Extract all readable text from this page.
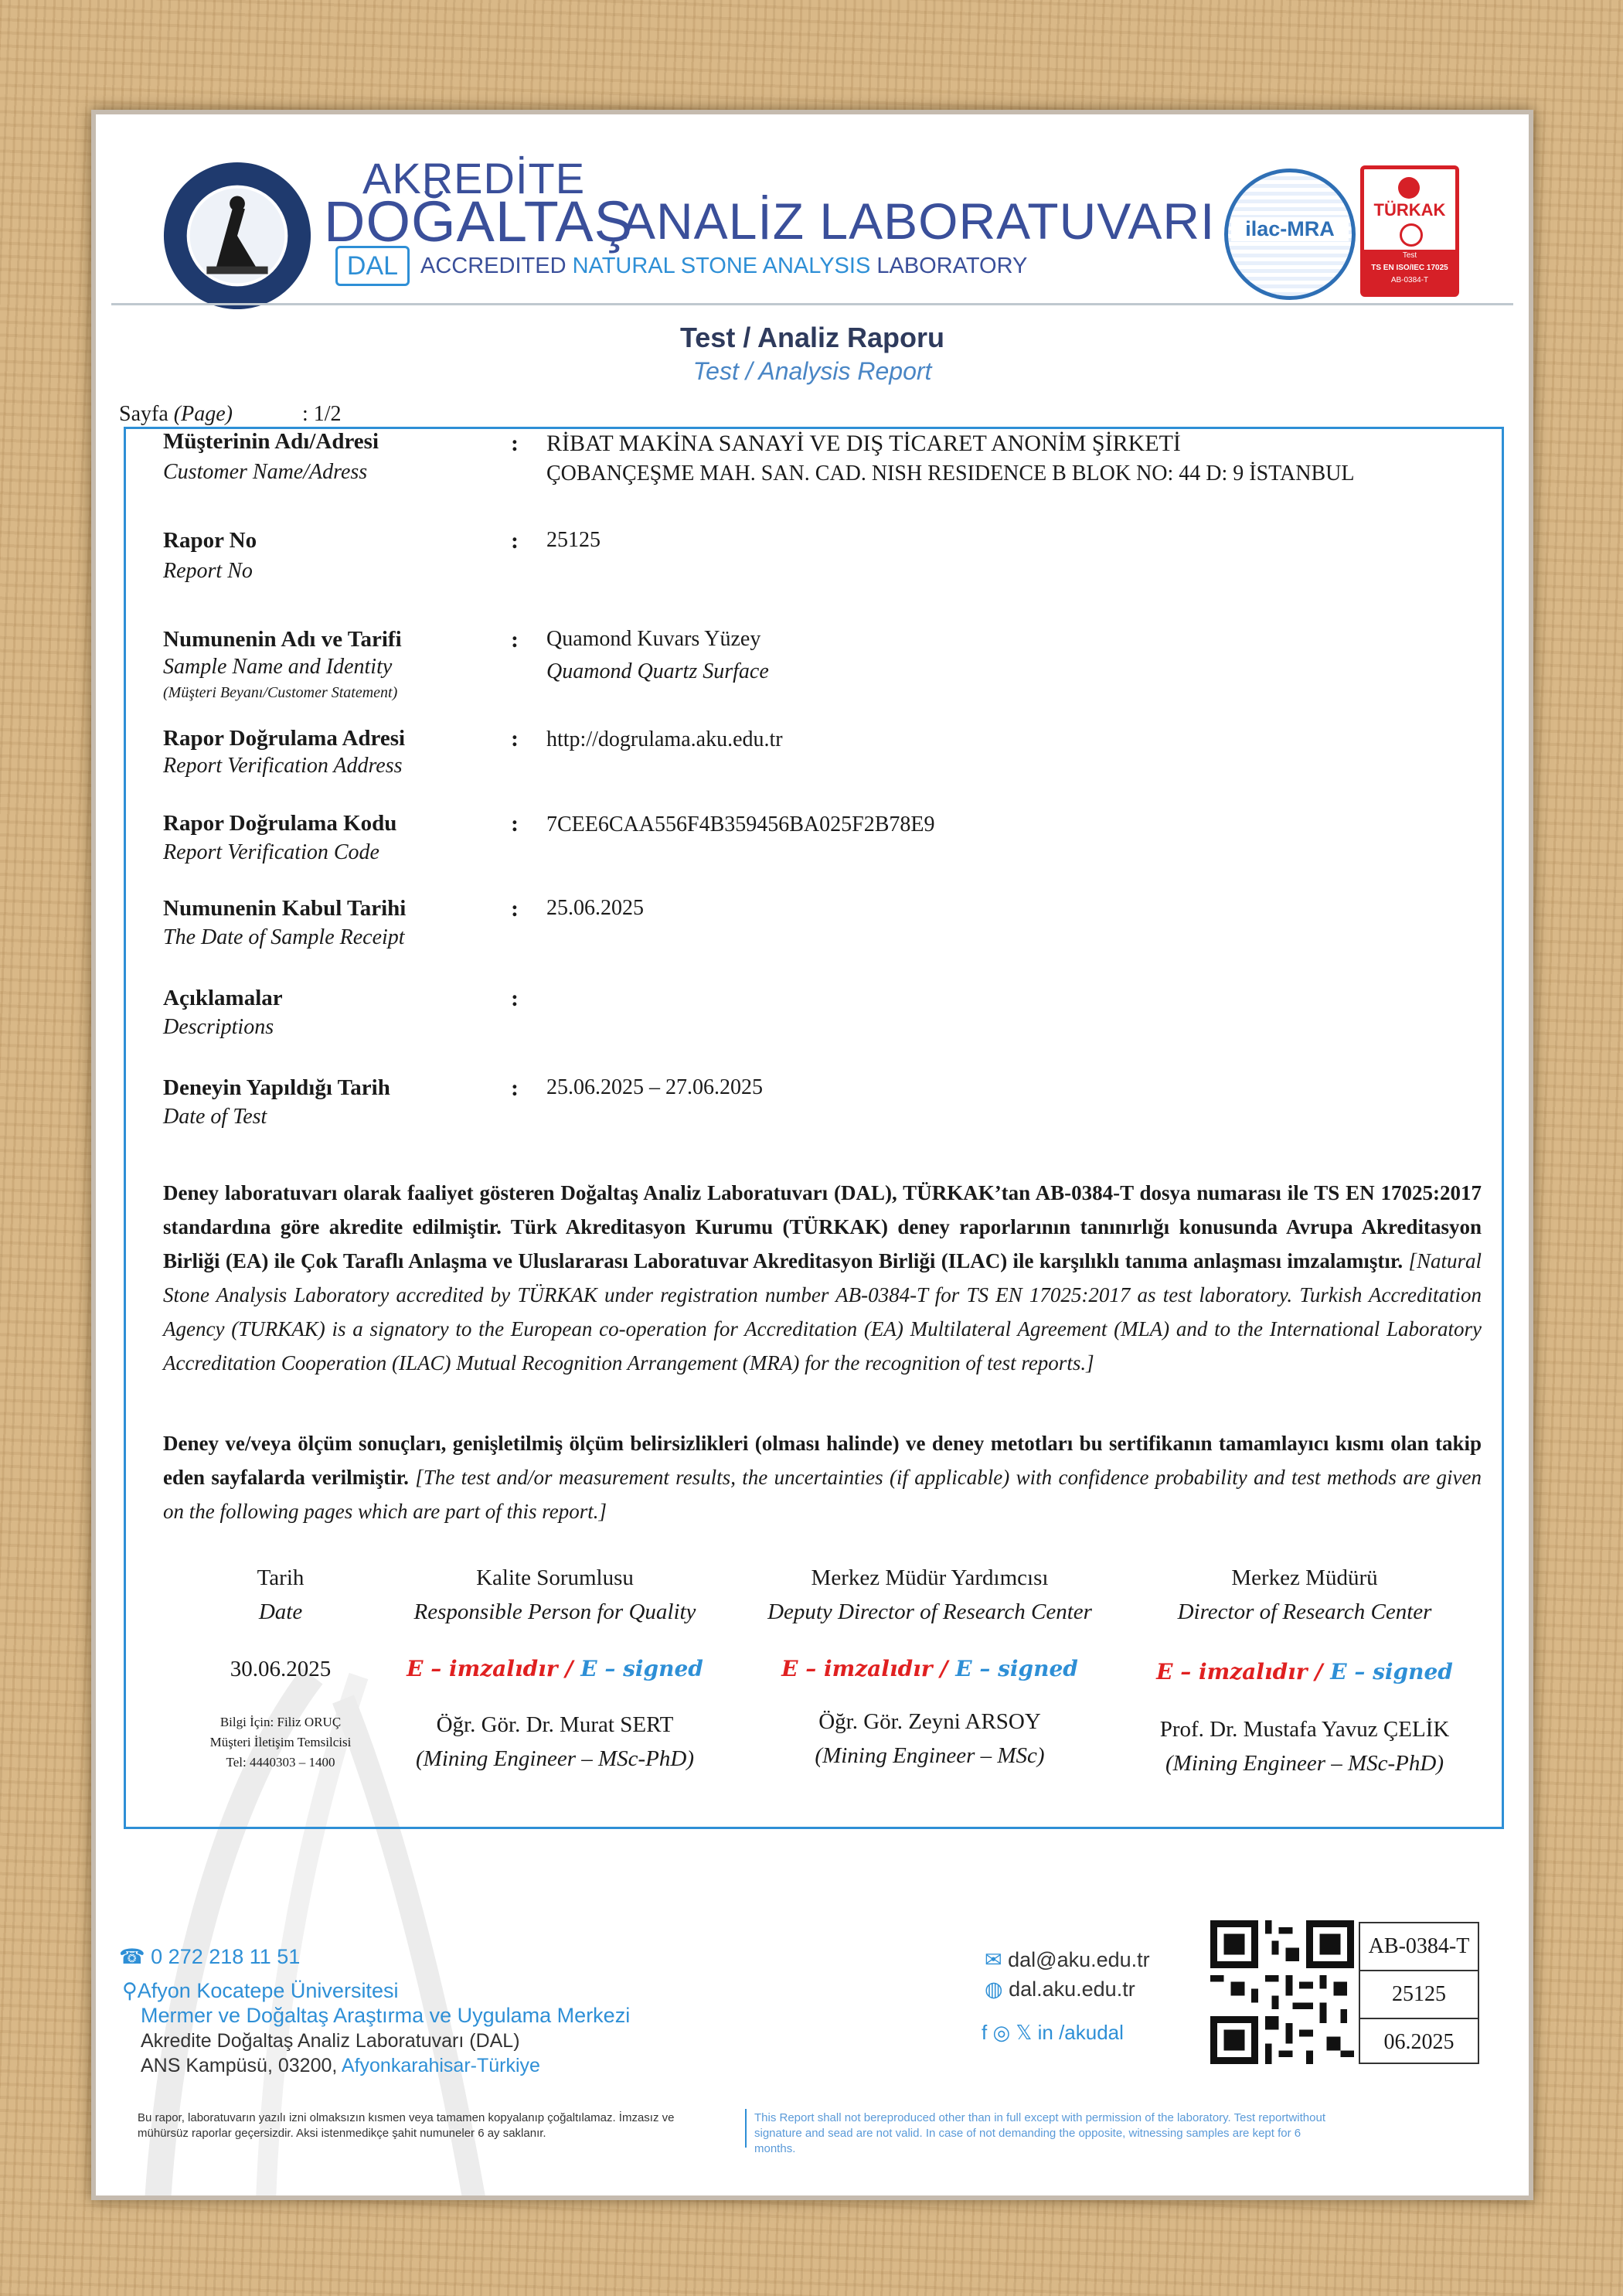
DOĞALTAŞ
AKREDİTE
ANALİZ LABORATUVARI
DAL ACCREDITED NATURAL STONE ANALYSIS LABORATORY
ilac-MRA
TÜRKAK
Test
TS EN ISO/IEC 17025
AB-0384-T
Test / Analiz Raporu
Test / Analysis Report
Sayfa (Page)	: 1/2
Müşterinin Adı/Adresi
Customer Name/Adress
: RİBAT MAKİNA SANAYİ VE DIŞ TİCARET ANONİM ŞİRKETİ
ÇOBANÇEŞME MAH. SAN. CAD. NISH RESIDENCE B BLOK NO: 44 D: 9 İSTANBUL
Rapor No
Report No
: 25125
Numunenin Adı ve Tarifi
Sample Name and Identity
(Müşteri Beyanı/Customer Statement)
: Quamond Kuvars Yüzey
Quamond Quartz Surface
Rapor Doğrulama Adresi
Report Verification Address
: http://dogrulama.aku.edu.tr
Rapor Doğrulama Kodu
Report Verification Code
: 7CEE6CAA556F4B359456BA025F2B78E9
Numunenin Kabul Tarihi
The Date of Sample Receipt
: 25.06.2025
Açıklamalar
Descriptions
:
Deneyin Yapıldığı Tarih
Date of Test
: 25.06.2025 – 27.06.2025
Deney laboratuvarı olarak faaliyet gösteren Doğaltaş Analiz Laboratuvarı (DAL), TÜRKAK’tan AB-0384-T dosya numarası ile TS EN 17025:2017 standardına göre akredite edilmiştir. Türk Akreditasyon Kurumu (TÜRKAK) deney raporlarının tanınırlığı konusunda Avrupa Akreditasyon Birliği (EA) ile Çok Taraflı Anlaşma ve Uluslararası Laboratuvar Akreditasyon Birliği (ILAC) ile karşılıklı tanıma anlaşması imzalamıştır. [Natural Stone Analysis Laboratory accredited by TÜRKAK under registration number AB-0384-T for TS EN 17025:2017 as test laboratory. Turkish Accreditation Agency (TURKAK) is a signatory to the European co-operation for Accreditation (EA) Multilateral Agreement (MLA) and to the International Laboratory Accreditation Cooperation (ILAC) Mutual Recognition Arrangement (MRA) for the recognition of test reports.]
Deney ve/veya ölçüm sonuçları, genişletilmiş ölçüm belirsizlikleri (olması halinde) ve deney metotları bu sertifikanın tamamlayıcı kısmı olan takip eden sayfalarda verilmiştir. [The test and/or measurement results, the uncertainties (if applicable) with confidence probability and test methods are given on the following pages which are part of this report.]
Tarih
Date
30.06.2025
Bilgi İçin: Filiz ORUÇ
Müşteri İletişim Temsilcisi
Tel: 4440303 – 1400
Kalite Sorumlusu
Responsible Person for Quality
E – imzalıdır / E – signed
Öğr. Gör. Dr. Murat SERT
(Mining Engineer – MSc-PhD)
Merkez Müdür Yardımcısı
Deputy Director of Research Center
E – imzalıdır / E – signed
Öğr. Gör. Zeyni ARSOY
(Mining Engineer – MSc)
Merkez Müdürü
Director of Research Center
E – imzalıdır / E – signed
Prof. Dr. Mustafa Yavuz ÇELİK
(Mining Engineer – MSc-PhD)
☎ 0 272 218 11 51
⚲Afyon Kocatepe Üniversitesi
Mermer ve Doğaltaş Araştırma ve Uygulama Merkezi
Akredite Doğaltaş Analiz Laboratuvarı (DAL)
ANS Kampüsü, 03200, Afyonkarahisar-Türkiye
✉ dal@aku.edu.tr
◍ dal.aku.edu.tr
f ◎ 𝕏 in /akudal
AB-0384-T
25125
06.2025
Bu rapor, laboratuvarın yazılı izni olmaksızın kısmen veya tamamen kopyalanıp çoğaltılamaz. İmzasız ve mühürsüz raporlar geçersizdir. Aksi istenmedikçe şahit numuneler 6 ay saklanır.
This Report shall not bereproduced other than in full except with permission of the laboratory. Test reportwithout signature and sead are not valid. In case of not demanding the opposite, witnessing samples are kept for 6 months.
